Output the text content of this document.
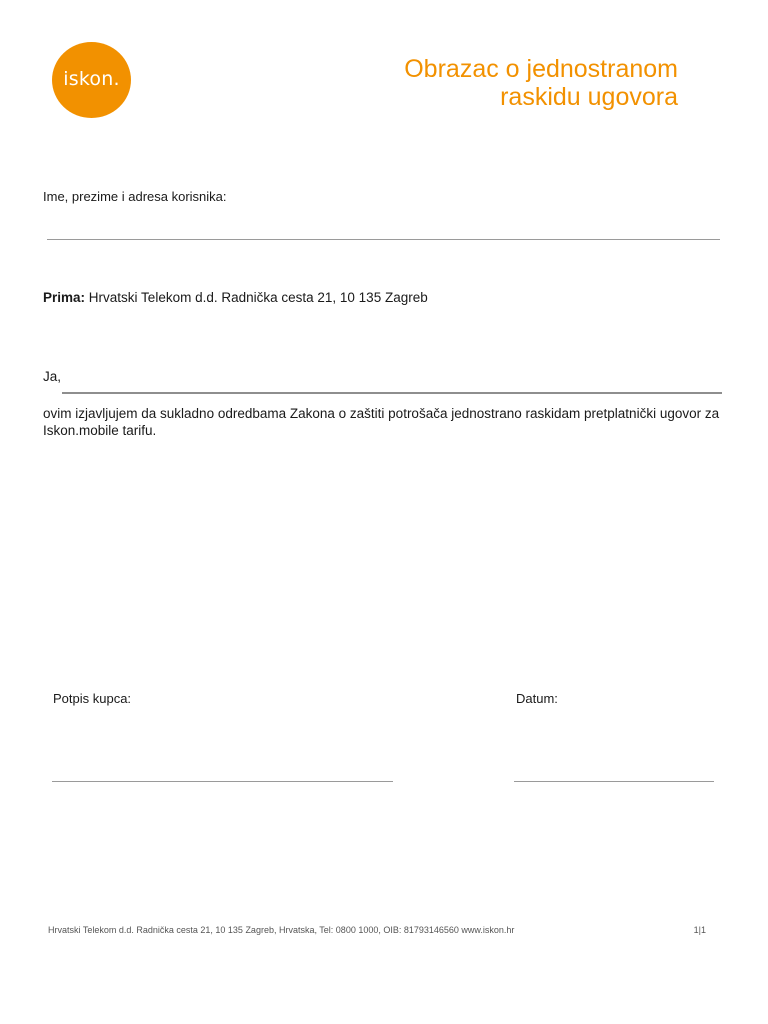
iskon.	Obrazac o jednostranom
raskidu ugovora
Ime, prezime i adresa korisnika:
Prima: Hrvatski Telekom d.d. Radnička cesta 21, 10 135 Zagreb
Ja,
ovim izjavljujem da sukladno odredbama Zakona o zaštiti potrošača jednostrano raskidam pretplatnički ugovor za Iskon.mobile tarifu.
Potpis kupca:	Datum:
Hrvatski Telekom d.d. Radnička cesta 21, 10 135 Zagreb, Hrvatska, Tel: 0800 1000, OIB: 81793146560 www.iskon.hr	1|1
